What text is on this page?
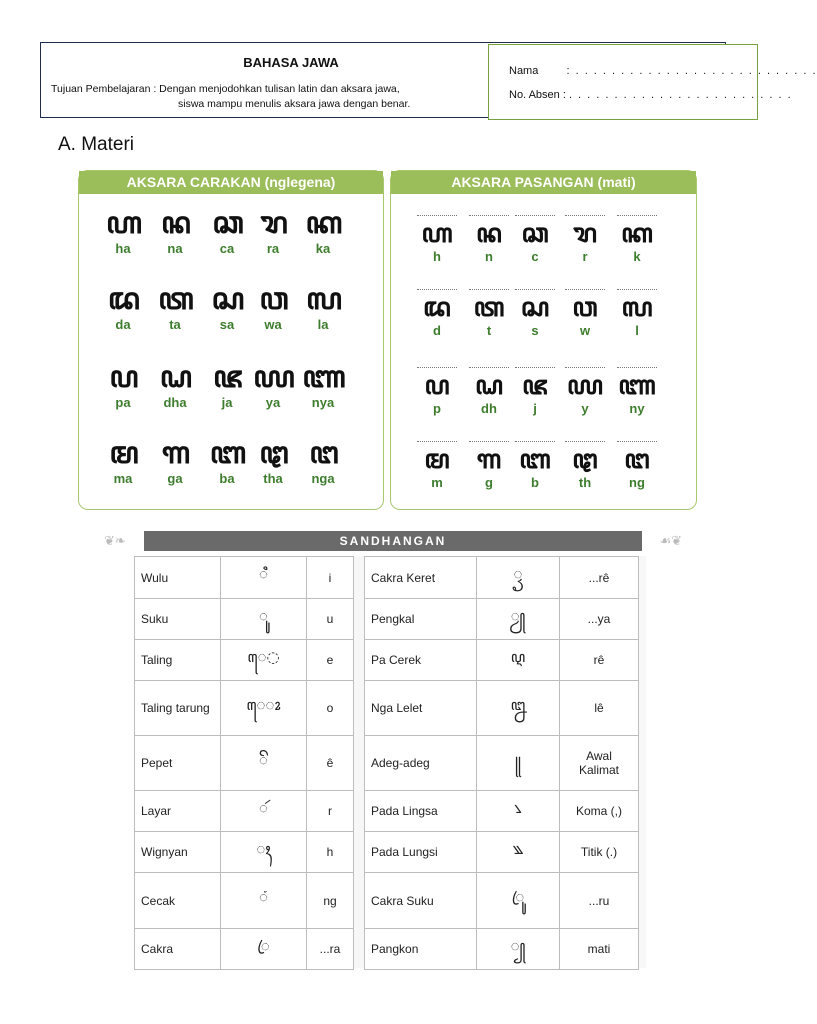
BAHASA JAWA
Tujuan Pembelajaran : Dengan menjodohkan tulisan latin dan aksara jawa,
siswa mampu menulis aksara jawa dengan benar.
Nama	: . . . . . . . . . . . . . . . . . . . . . . . . . . .
No. Absen : . . . . . . . . . . . . . . . . . . . . . . . . .
A. Materi
AKSARA CARAKAN (nglegena)
ꦲ
ha
ꦤ
na
ꦕ
ca
ꦫ
ra
ꦏ
ka
ꦢ
da
ꦠ
ta
ꦱ
sa
ꦮ
wa
ꦭ
la
ꦥ
pa
ꦝ
dha
ꦗ
ja
ꦪ
ya
ꦚ
nya
ꦩ
ma
ꦒ
ga
ꦧ
ba
ꦛ
tha
ꦔ
nga
AKSARA PASANGAN (mati)
ꦲ
h
ꦤ
n
ꦕ
c
ꦫ
r
ꦏ
k
ꦢ
d
ꦠ
t
ꦱ
s
ꦮ
w
ꦭ
l
ꦥ
p
ꦝ
dh
ꦗ
j
ꦪ
y
ꦚ
ny
ꦩ
m
ꦒ
g
ꦧ
b
ꦛ
th
ꦔ
ng
❦❧	SANDHANGAN	☙❦
Wulu	◌ꦶ	i
Suku	◌ꦸ	u
Taling	ꦺ◌	e
Taling tarung	ꦺ◌ꦴ	o
Pepet	◌ꦼ	ê
Layar	◌ꦂ	r
Wignyan	◌ꦃ	h
Cecak	◌ꦁ	ng
Cakra	◌ꦿ	...ra
Cakra Keret	◌ꦽ	...rê
Pengkal	◌ꦾ	...ya
Pa Cerek	ꦉ	rê
Nga Lelet	ꦊ	lê
Adeg-adeg	꧋	Awal Kalimat
Pada Lingsa	꧈	Koma (,)
Pada Lungsi	꧉	Titik (.)
Cakra Suku	◌ꦿꦸ	...ru
Pangkon	◌꧀	mati
